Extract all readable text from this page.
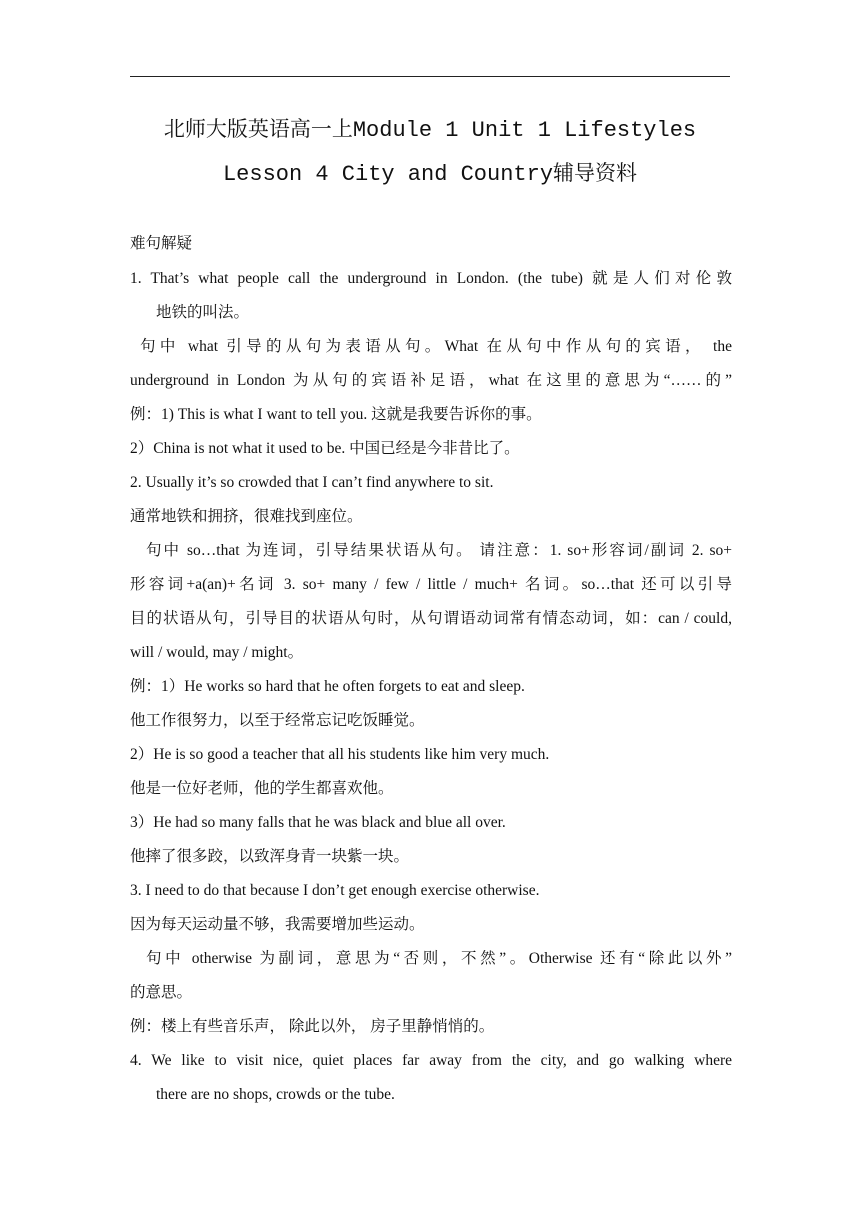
北师大版英语高一上Module 1 Unit 1 Lifestyles
Lesson 4 City and Country辅导资料
难句解疑
1. That’s what people call the underground in London. (the tube) 就是人们对伦敦
地铁的叫法。
句中 what 引导的从句为表语从句。What 在从句中作从句的宾语， the
underground in London 为从句的宾语补足语，what 在这里的意思为“……的”
例：1) This is what I want to tell you. 这就是我要告诉你的事。
2）China is not what it used to be. 中国已经是今非昔比了。
2. Usually it’s so crowded that I can’t find anywhere to sit.
通常地铁和拥挤，很难找到座位。
句中 so…that 为连词，引导结果状语从句。 请注意：1. so+形容词/副词 2. so+
形容词+a(an)+名词 3. so+ many / few / little / much+ 名词。so…that 还可以引导
目的状语从句，引导目的状语从句时，从句谓语动词常有情态动词，如：can / could,
will / would, may / might。
例：1）He works so hard that he often forgets to eat and sleep.
他工作很努力，以至于经常忘记吃饭睡觉。
2）He is so good a teacher that all his students like him very much.
他是一位好老师，他的学生都喜欢他。
3）He had so many falls that he was black and blue all over.
他摔了很多跤，以致浑身青一块紫一块。
3. I need to do that because I don’t get enough exercise otherwise.
因为每天运动量不够，我需要增加些运动。
句中 otherwise 为副词，意思为“否则，不然”。Otherwise 还有“除此以外”
的意思。
例：楼上有些音乐声， 除此以外， 房子里静悄悄的。
4. We like to visit nice, quiet places far away from the city, and go walking where
there are no shops, crowds or the tube.
